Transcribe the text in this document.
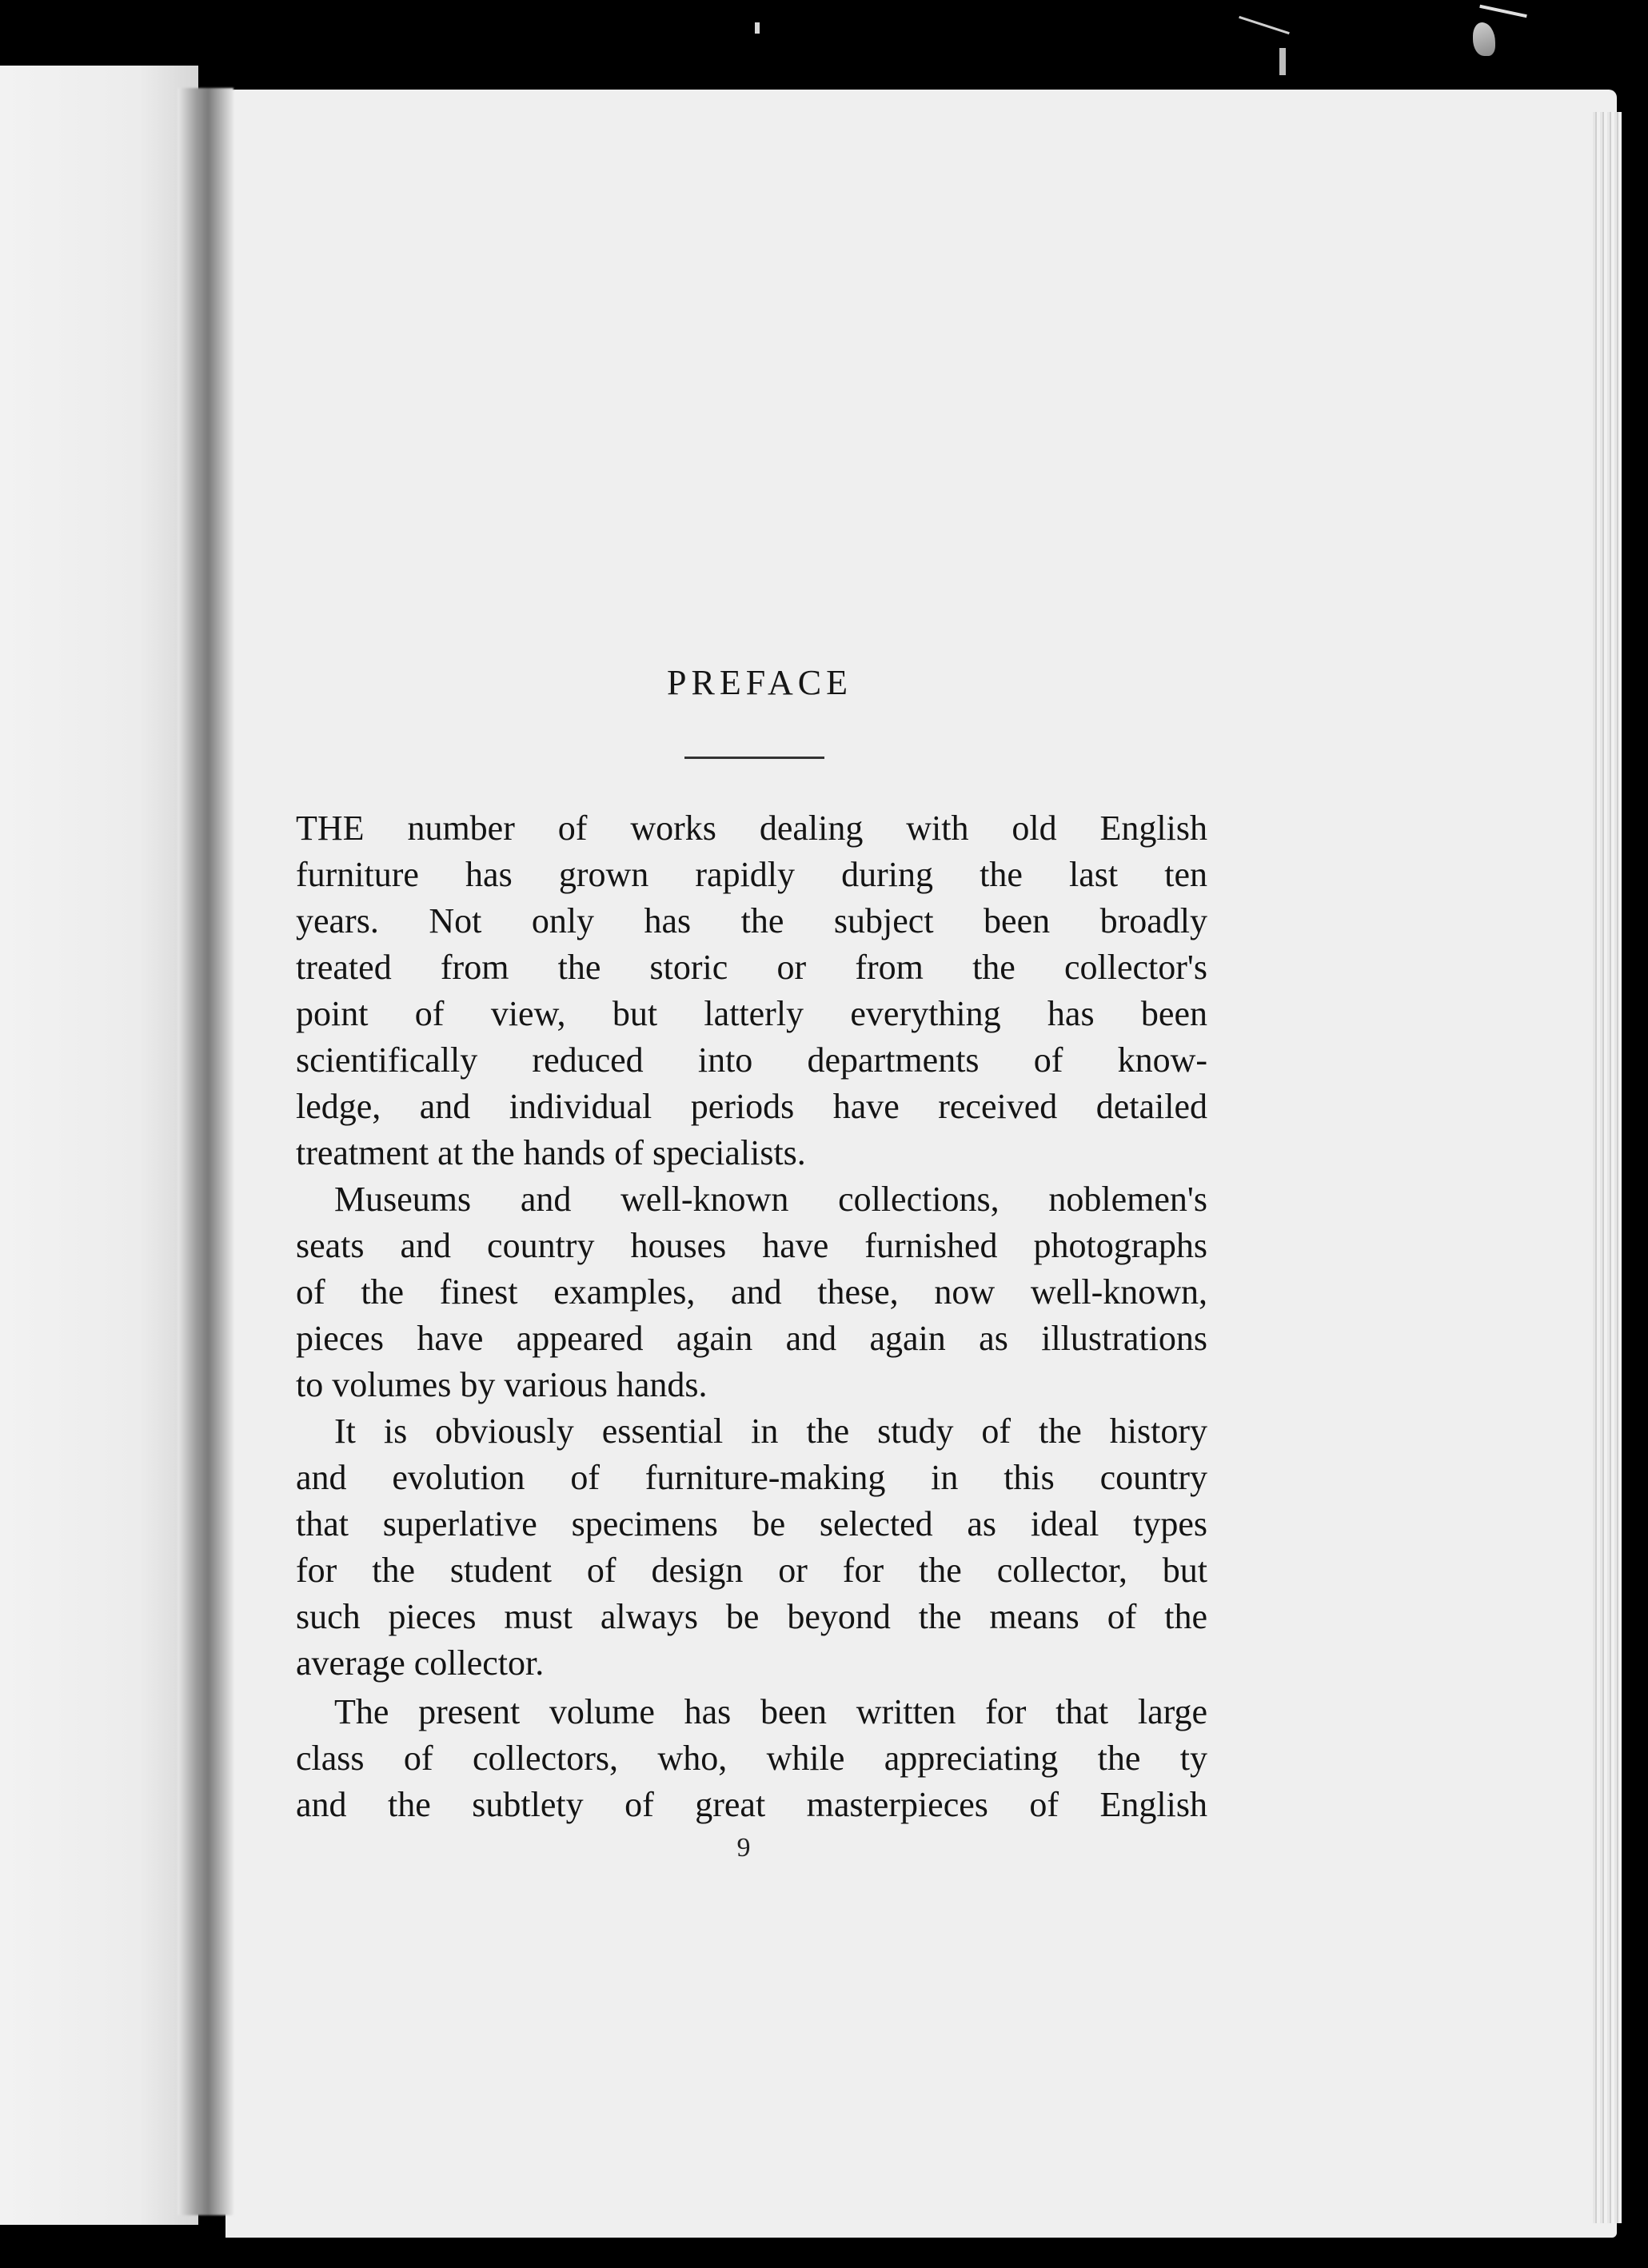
PREFACE
THE number of works dealing with old English
furniture has grown rapidly during the last ten
years. Not only has the subject been broadly
treated from the storic or from the collector's
point of view, but latterly everything has been
scientifically reduced into departments of know-
ledge, and individual periods have received detailed
treatment at the hands of specialists.
Museums and well-known collections, noblemen's
seats and country houses have furnished photographs
of the finest examples, and these, now well-known,
pieces have appeared again and again as illustrations
to volumes by various hands.
It is obviously essential in the study of the history
and evolution of furniture-making in this country
that superlative specimens be selected as ideal types
for the student of design or for the collector, but
such pieces must always be beyond the means of the
average collector.
The present volume has been written for that large
class of collectors, who, while appreciating the ty
and the subtlety of great masterpieces of English
9
